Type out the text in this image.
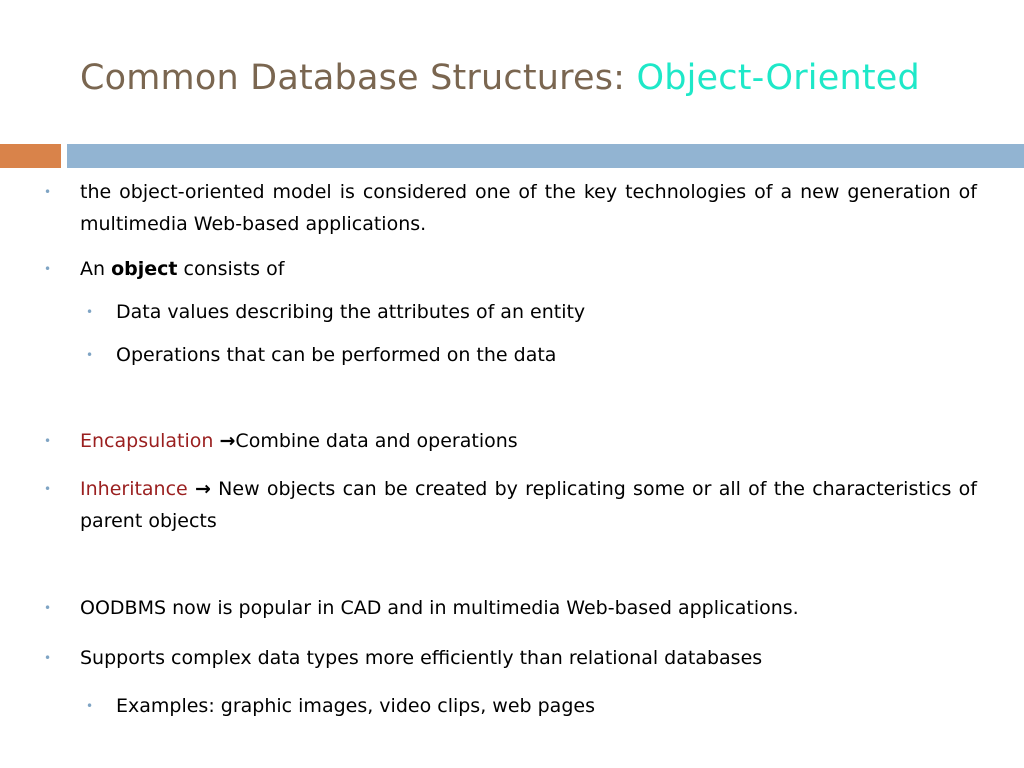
Common Database Structures: Object-Oriented
• the object-oriented model is considered one of the key technologies of a new generation of multimedia Web-based applications.
• An object consists of
• Data values describing the attributes of an entity
• Operations that can be performed on the data
• Encapsulation →Combine data and operations
• Inheritance → New objects can be created by replicating some or all of the characteristics of parent objects
• OODBMS now is popular in CAD and in multimedia Web-based applications.
• Supports complex data types more efficiently than relational databases
• Examples: graphic images, video clips, web pages
